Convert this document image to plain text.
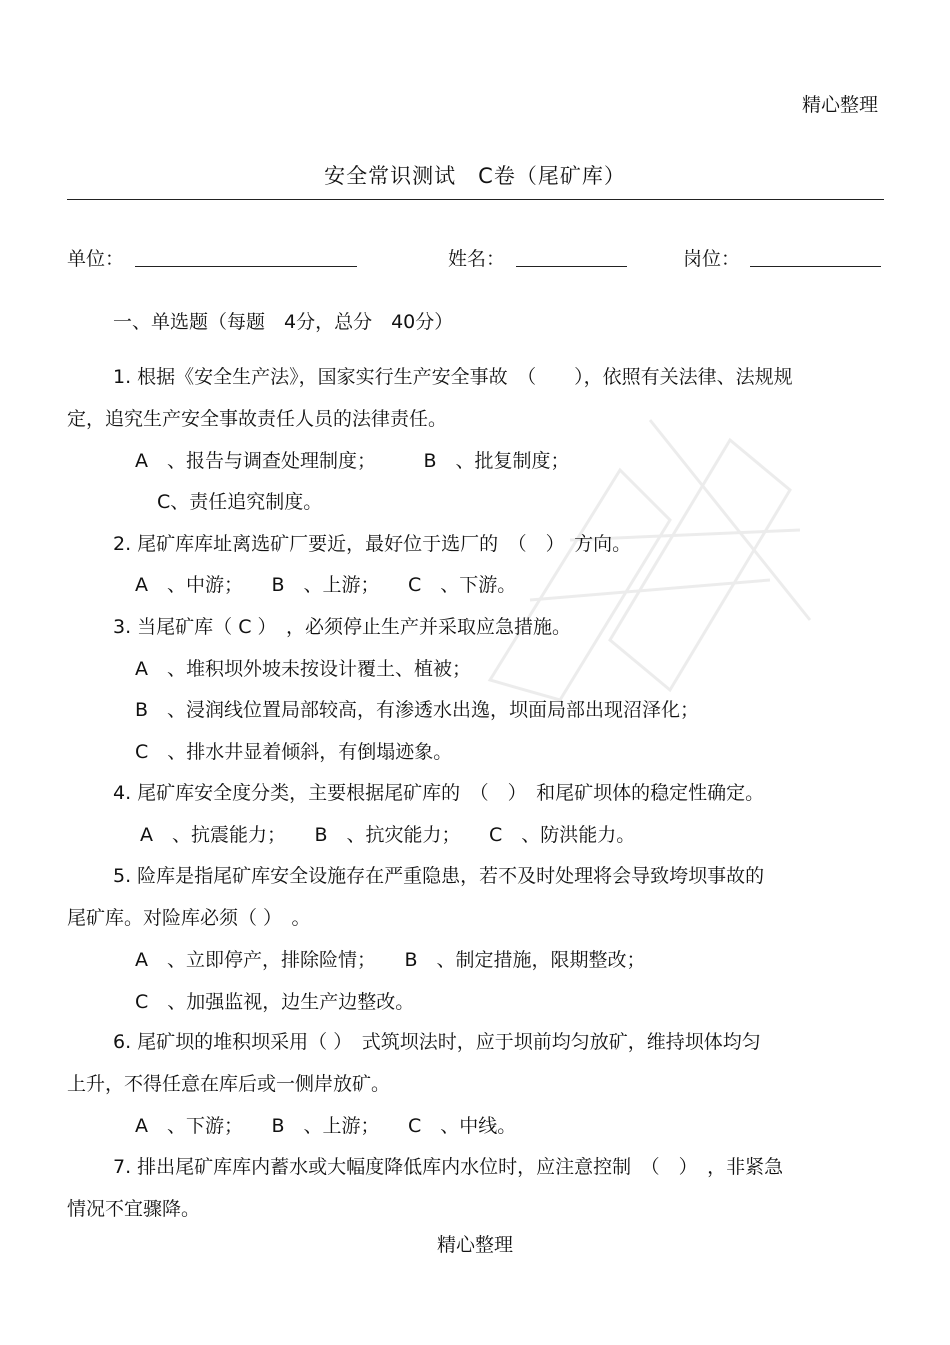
精心整理
安全常识测试　C卷（尾矿库）
单位：	姓名：	岗位：
一、单选题（每题　4分，总分　40分）
1. 根据《安全生产法》，国家实行生产安全事故　（　　），依照有关法律、法规规
定，追究生产安全事故责任人员的法律责任。
A　、报告与调查处理制度；　　　B　、批复制度；
C、责任追究制度。
2. 尾矿库库址离选矿厂要近，最好位于选厂的　（　）　方向。
A　、中游；　　B　、上游；　　C　、下游。
3. 当尾矿库（ C ）　，必须停止生产并采取应急措施。
A　、堆积坝外坡未按设计覆土、植被；
B　、浸润线位置局部较高，有渗透水出逸，坝面局部出现沼泽化；
C　、排水井显着倾斜，有倒塌迹象。
4. 尾矿库安全度分类，主要根据尾矿库的　（　）　和尾矿坝体的稳定性确定。
A　、抗震能力；　　B　、抗灾能力；　　C　、防洪能力。
5. 险库是指尾矿库安全设施存在严重隐患，若不及时处理将会导致垮坝事故的
尾矿库。对险库必须（ ）　。
A　、立即停产，排除险情；　　B　、制定措施，限期整改；
C　、加强监视，边生产边整改。
6. 尾矿坝的堆积坝采用（ ）　式筑坝法时，应于坝前均匀放矿，维持坝体均匀
上升，不得任意在库后或一侧岸放矿。
A　、下游；　　B　、上游；　　C　、中线。
7. 排出尾矿库库内蓄水或大幅度降低库内水位时，应注意控制　（　）　，非紧急
情况不宜骤降。
精心整理
